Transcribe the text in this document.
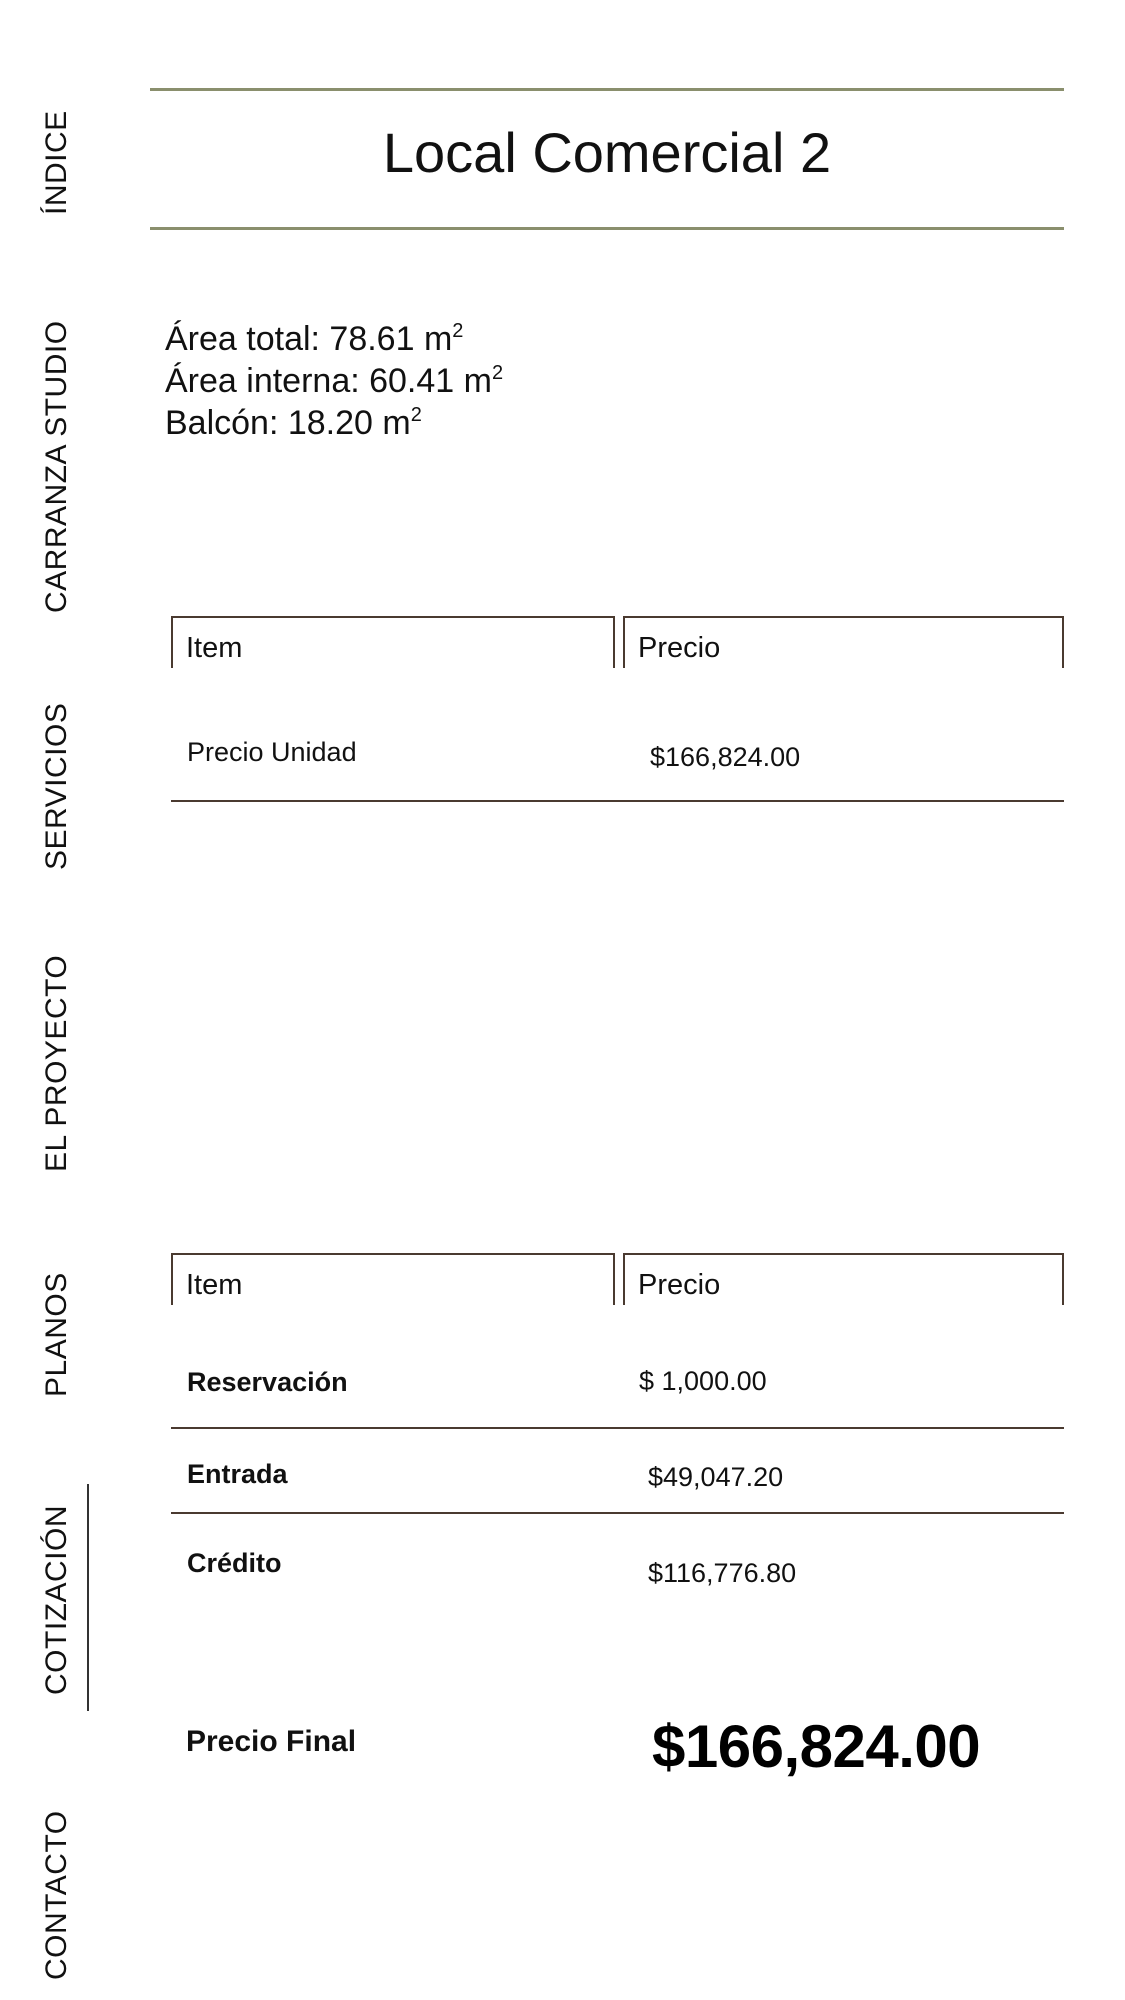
ÍNDICE
CARRANZA STUDIO
SERVICIOS
EL PROYECTO
PLANOS
COTIZACIÓN
CONTACTO
Local Comercial 2
Área total: 78.61 $m^2$
Área interna: 60.41 $m^2$
Balcón: 18.20 $m^2$
Item	Precio
Precio Unidad	$166,824.00
Item	Precio
Reservación	$ 1,000.00
Entrada	$49,047.20
Crédito	$116,776.80
Precio Final	$166,824.00
